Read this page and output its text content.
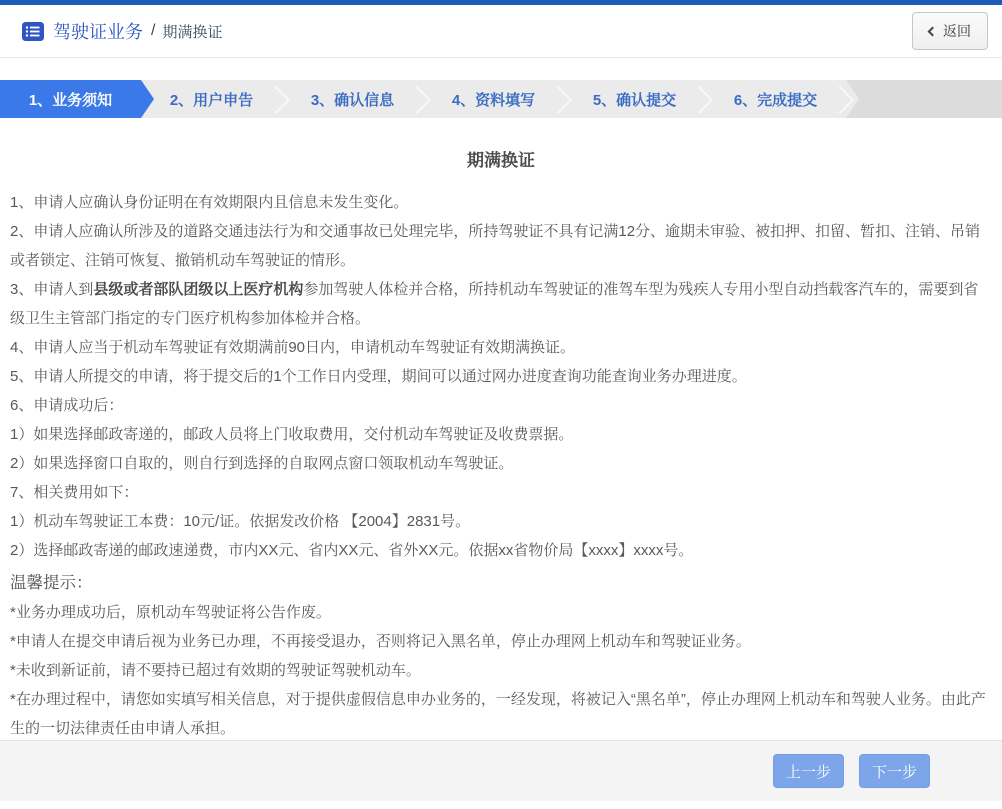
驾驶证业务 / 期满换证	返回
1、业务须知	2、用户申告	3、确认信息	4、资料填写	5、确认提交	6、完成提交
期满换证

1、申请人应确认身份证明在有效期限内且信息未发生变化。

2、申请人应确认所涉及的道路交通违法行为和交通事故已处理完毕，所持驾驶证不具有记满12分、逾期未审验、被扣押、扣留、暂扣、注销、吊销或者锁定、注销可恢复、撤销机动车驾驶证的情形。

3、申请人到县级或者部队团级以上医疗机构参加驾驶人体检并合格，所持机动车驾驶证的准驾车型为残疾人专用小型自动挡载客汽车的，需要到省级卫生主管部门指定的专门医疗机构参加体检并合格。

4、申请人应当于机动车驾驶证有效期满前90日内，申请机动车驾驶证有效期满换证。

5、申请人所提交的申请，将于提交后的1个工作日内受理，期间可以通过网办进度查询功能查询业务办理进度。

6、申请成功后：

1）如果选择邮政寄递的，邮政人员将上门收取费用，交付机动车驾驶证及收费票据。

2）如果选择窗口自取的，则自行到选择的自取网点窗口领取机动车驾驶证。

7、相关费用如下：

1）机动车驾驶证工本费：10元/证。依据发改价格 【2004】2831号。

2）选择邮政寄递的邮政速递费，市内XX元、省内XX元、省外XX元。依据xx省物价局【xxxx】xxxx号。

温馨提示：

*业务办理成功后，原机动车驾驶证将公告作废。

*申请人在提交申请后视为业务已办理，不再接受退办，否则将记入黑名单，停止办理网上机动车和驾驶证业务。

*未收到新证前，请不要持已超过有效期的驾驶证驾驶机动车。

*在办理过程中，请您如实填写相关信息，对于提供虚假信息申办业务的，一经发现，将被记入“黑名单”，停止办理网上机动车和驾驶人业务。由此产生的一切法律责任由申请人承担。

上一步	下一步
